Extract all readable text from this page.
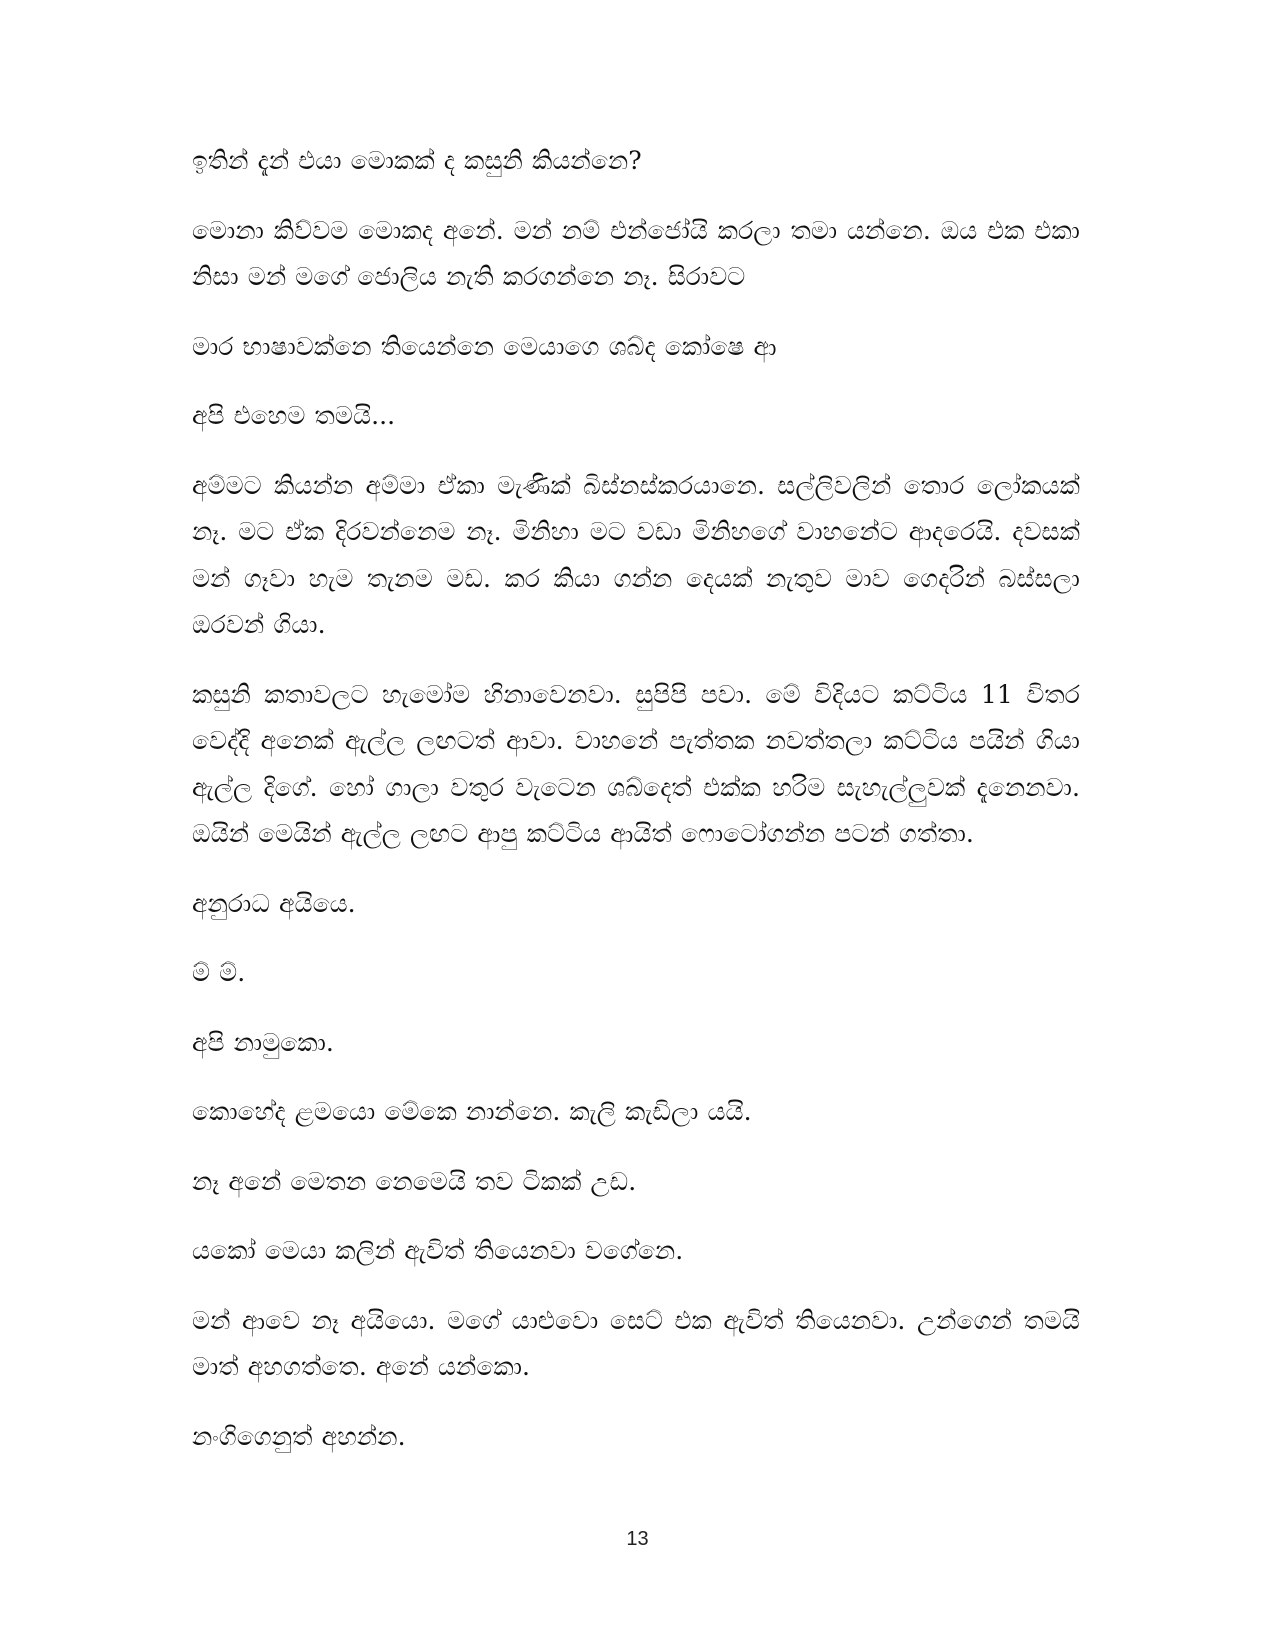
ඉතින් දැන් එයා මොකක් ද කසුනි කියන්නෙ?

මොනා කිව්වම මොකද අනේ. මන් නම් එන්ජෝයි කරලා තමා යන්නෙ. ඔය එක එකා නිසා මන් මගේ ජොලිය නැති කරගන්නෙ නෑ. සිරාවට

මාර භාෂාවක්නෙ තියෙන්නෙ මෙයාගෙ ශබ්ද කෝෂෙ ආ

අපි එහෙම තමයි...

අම්මට කියන්න අම්මා ඒකා මැණික් බිස්නස්කරයානෙ. සල්ලිවලින් තොර ලෝකයක් නෑ. මට ඒක දිරවන්නෙම නෑ. මිනිහා මට වඩා මිනිහගේ වාහනේට ආදරෙයි. දවසක් මන් ගෑවා හැම තැනම මඩ. කර කියා ගන්න දෙයක් නැතුව මාව ගෙදරින් බස්සලා ඔරවන් ගියා.

කසුනි කතාවලට හැමෝම හිනාවෙනවා. සුපිපි පවා. මේ විදියට කට්ටිය 11 විතර වෙද්දි අනෙක් ඇල්ල ලඟටත් ආවා. වාහනේ පැත්තක නවත්තලා කට්ටිය පයින් ගියා ඇල්ල දිගේ. හෝ ගාලා වතුර වැටෙන ශබ්දෙත් එක්ක හරිම සැහැල්ලුවක් දැනෙනවා. ඔයින් මෙයින් ඇල්ල ලඟට ආපු කට්ටිය ආයිත් ෆොටෝගන්න පටන් ගත්තා.

අනුරාධ අයියෙ.

ම් ම්.

අපි නාමුකො.

කොහේද ළමයො මේකෙ නාන්නෙ. කැලි කැඩිලා යයි.

නෑ අනේ මෙතන නෙමෙයි තව ටිකක් උඩ.

යකෝ මෙයා කලින් ඇවිත් තියෙනවා වගේනෙ.

මන් ආවෙ නෑ අයියො. මගේ යාළුවො සෙට් එක ඇවිත් තියෙනවා. උන්ගෙන් තමයි මාත් අහගත්තෙ. අනේ යන්කො.

නංගිගෙනුත් අහන්න.

13
